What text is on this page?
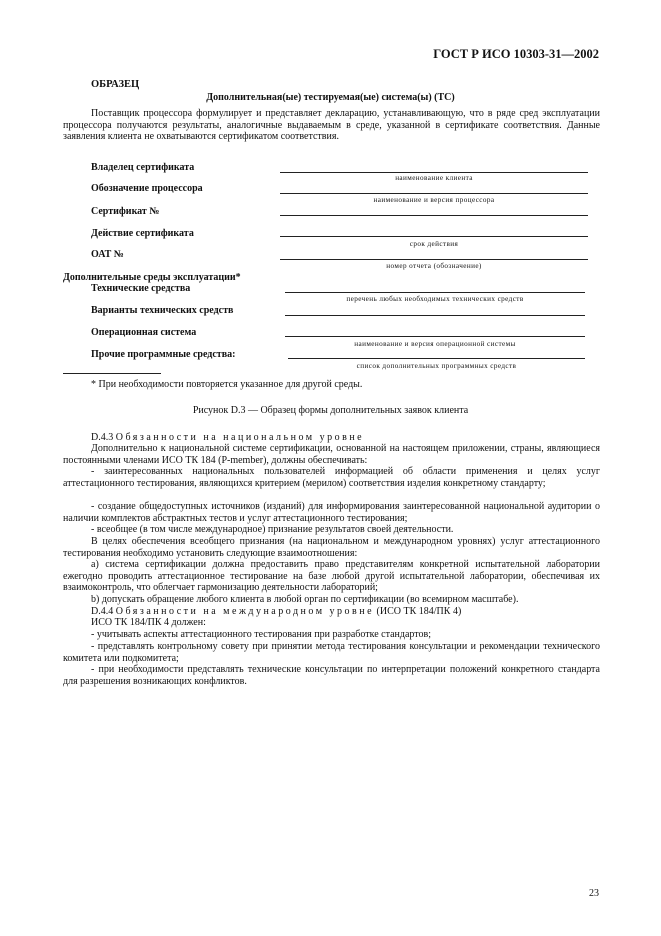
ГОСТ Р ИСО 10303-31—2002
ОБРАЗЕЦ
Дополнительная(ые) тестируемая(ые) система(ы) (ТС)
Поставщик процессора формулирует и представляет декларацию, устанавливающую, что в ряде сред эксплуатации процессора получаются результаты, аналогичные выдаваемым в среде, указанной в сертификате соответствия. Данные заявления клиента не охватываются сертификатом соответствия.
Владелец сертификата
наименование клиента
Обозначение процессора
наименование и версия процессора
Сертификат №
Действие сертификата
срок действия
ОАТ №
номер отчета (обозначение)
Дополнительные среды эксплуатации*
Технические средства
перечень любых необходимых технических средств
Варианты технических средств
Операционная система
наименование и версия операционной системы
Прочие программные средства:
список дополнительных программных средств
* При необходимости повторяется указанное для другой среды.
Рисунок D.3 — Образец формы дополнительных заявок клиента
D.4.3 Обязанности на национальном уровне
Дополнительно к национальной системе сертификации, основанной на настоящем приложении, страны, являющиеся постоянными членами ИСО ТК 184 (P-member), должны обеспечивать:
- заинтересованных национальных пользователей информацией об области применения и целях услуг аттестационного тестирования, являющихся критерием (мерилом) соответствия изделия конкретному стандарту;
- создание общедоступных источников (изданий) для информирования заинтересованной национальной аудитории о наличии комплектов абстрактных тестов и услуг аттестационного тестирования;
- всеобщее (в том числе международное) признание результатов своей деятельности.
В целях обеспечения всеобщего признания (на национальном и международном уровнях) услуг аттестационного тестирования необходимо установить следующие взаимоотношения:
а) система сертификации должна предоставить право представителям конкретной испытательной лаборатории ежегодно проводить аттестационное тестирование на базе любой другой испытательной лаборатории, обеспечивая их взаимоконтроль, что облегчает гармонизацию деятельности лабораторий;
b) допускать обращение любого клиента в любой орган по сертификации (во всемирном масштабе).
D.4.4 Обязанности на международном уровне (ИСО ТК 184/ПК 4)
ИСО ТК 184/ПК 4 должен:
- учитывать аспекты аттестационного тестирования при разработке стандартов;
- представлять контрольному совету при принятии метода тестирования консультации и рекомендации технического комитета или подкомитета;
- при необходимости представлять технические консультации по интерпретации положений конкретного стандарта для разрешения возникающих конфликтов.
23
